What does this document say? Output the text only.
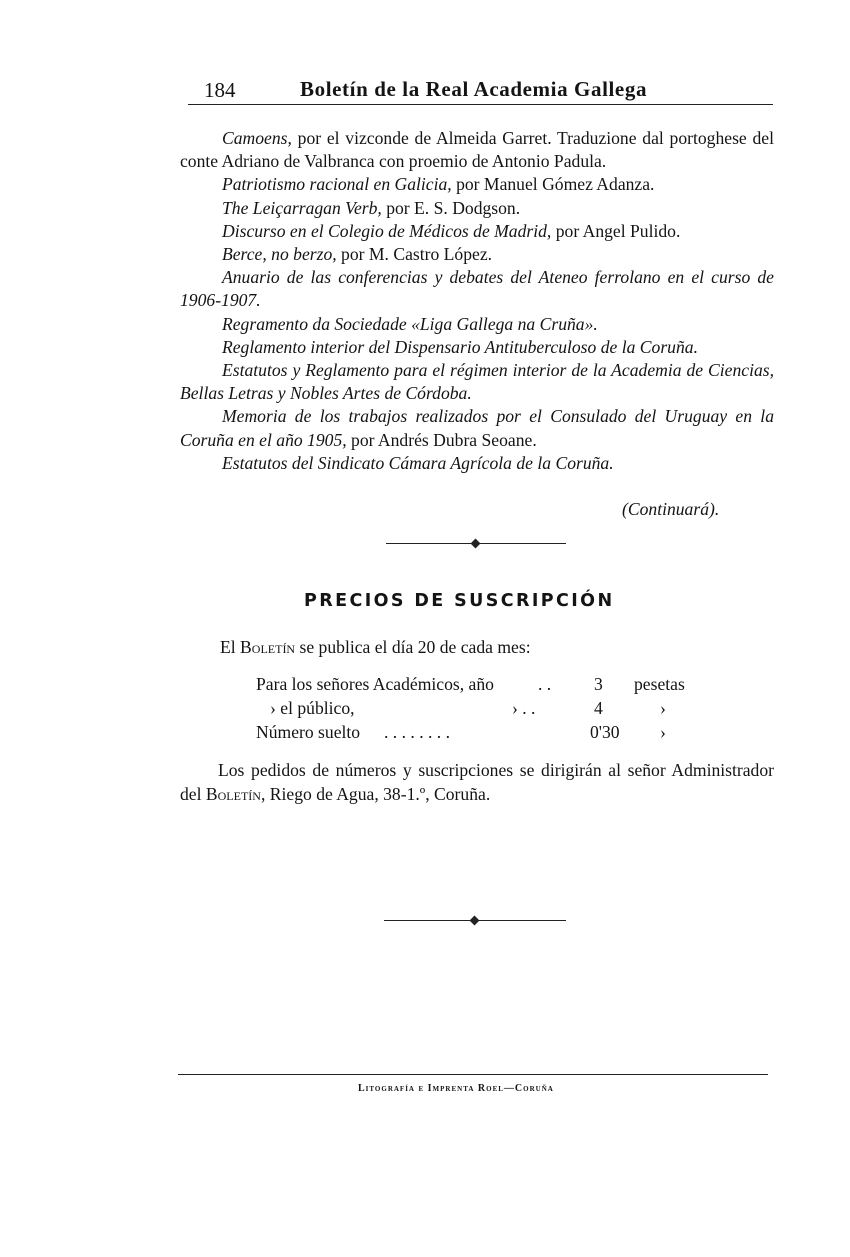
184	Boletín de la Real Academia Gallega

Camoens, por el vizconde de Almeida Garret. Traduzione dal portoghese del conte Adriano de Valbranca con proemio de Antonio Padula.

Patriotismo racional en Galicia, por Manuel Gómez Adanza.

The Leiçarragan Verb, por E. S. Dodgson.

Discurso en el Colegio de Médicos de Madrid, por Angel Pulido.

Berce, no berzo, por M. Castro López.

Anuario de las conferencias y debates del Ateneo ferrolano en el curso de 1906-1907.

Regramento da Sociedade «Liga Gallega na Cruña».

Reglamento interior del Dispensario Antituberculoso de la Coruña.

Estatutos y Reglamento para el régimen interior de la Academia de Ciencias, Bellas Letras y Nobles Artes de Córdoba.

Memoria de los trabajos realizados por el Consulado del Uruguay en la Coruña en el año 1905, por Andrés Dubra Seoane.

Estatutos del Sindicato Cámara Agrícola de la Coruña.

(Continuará).
PRECIOS DE SUSCRIPCIÓN
El Boletín se publica el día 20 de cada mes:
Para los señores Académicos, año	. . 3 pesetas
› el público,	› . .	4	›
Número suelto . . . . . . . .	0'30 ›

Los pedidos de números y suscripciones se dirigirán al señor Administrador del Boletín, Riego de Agua, 38-1.º, Coruña.

Litografía e Imprenta Roel—Coruña
